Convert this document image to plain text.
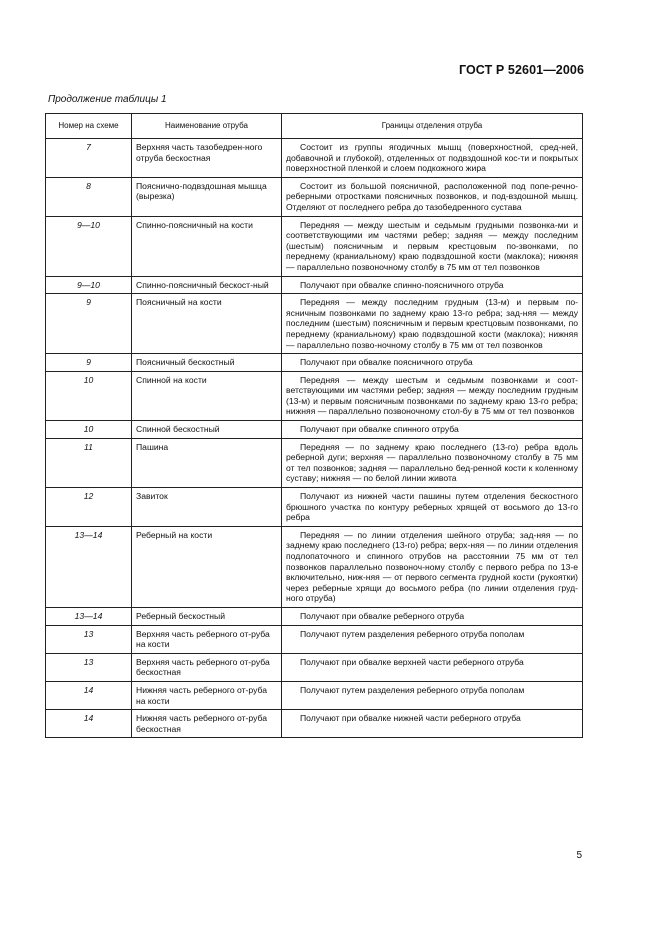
ГОСТ Р 52601—2006
Продолжение таблицы 1
Номер на схеме	Наименование отруба	Границы отделения отруба
7	Верхняя часть тазобедрен-ного отруба бескостная	Состоит из группы ягодичных мышц (поверхностной, сред-ней, добавочной и глубокой), отделенных от подвздошной кос-ти и покрытых поверхностной пленкой и слоем подкожного жира
8	Пояснично-подвздошная мышца (вырезка)	Состоит из большой поясничной, расположенной под попе-речно-реберными отростками поясничных позвонков, и под-вздошной мышц. Отделяют от последнего ребра до тазобедренного сустава
9—10	Спинно-поясничный на кости	Передняя — между шестым и седьмым грудными позвонка-ми и соответствующими им частями ребер; задняя — между последним (шестым) поясничным и первым крестцовым по-звонками, по переднему (краниальному) краю подвздошной кости (маклока); нижняя — параллельно позвоночному столбу в 75 мм от тел позвонков
9—10	Спинно-поясничный бескост-ный	Получают при обвалке спинно-поясничного отруба
9	Поясничный на кости	Передняя — между последним грудным (13-м) и первым по-ясничным позвонками по заднему краю 13-го ребра; зад-няя — между последним (шестым) поясничным и первым крестцовым позвонками, по переднему (краниальному) краю подвздошной кости (маклока); нижняя — параллельно позво-ночному столбу в 75 мм от тел позвонков
9	Поясничный бескостный	Получают при обвалке поясничного отруба
10	Спинной на кости	Передняя — между шестым и седьмым позвонками и соот-ветствующими им частями ребер; задняя — между последним грудным (13-м) и первым поясничным позвонками по заднему краю 13-го ребра; нижняя — параллельно позвоночному стол-бу в 75 мм от тел позвонков
10	Спинной бескостный	Получают при обвалке спинного отруба
11	Пашина	Передняя — по заднему краю последнего (13-го) ребра вдоль реберной дуги; верхняя — параллельно позвоночному столбу в 75 мм от тел позвонков; задняя — параллельно бед-ренной кости к коленному суставу; нижняя — по белой линии живота
12	Завиток	Получают из нижней части пашины путем отделения бескостного брюшного участка по контуру реберных хрящей от восьмого до 13-го ребра
13—14	Реберный на кости	Передняя — по линии отделения шейного отруба; зад-няя — по заднему краю последнего (13-го) ребра; верх-няя — по линии отделения подлопаточного и спинного отрубов на расстоянии 75 мм от тел позвонков параллельно позвоноч-ному столбу с первого ребра по 13-е включительно, ниж-няя — от первого сегмента грудной кости (рукоятки) через реберные хрящи до восьмого ребра (по линии отделения груд-ного отруба)
13—14	Реберный бескостный	Получают при обвалке реберного отруба
13	Верхняя часть реберного от-руба на кости	Получают путем разделения реберного отруба пополам
13	Верхняя часть реберного от-руба бескостная	Получают при обвалке верхней части реберного отруба
14	Нижняя часть реберного от-руба на кости	Получают путем разделения реберного отруба пополам
14	Нижняя часть реберного от-руба бескостная	Получают при обвалке нижней части реберного отруба
5
